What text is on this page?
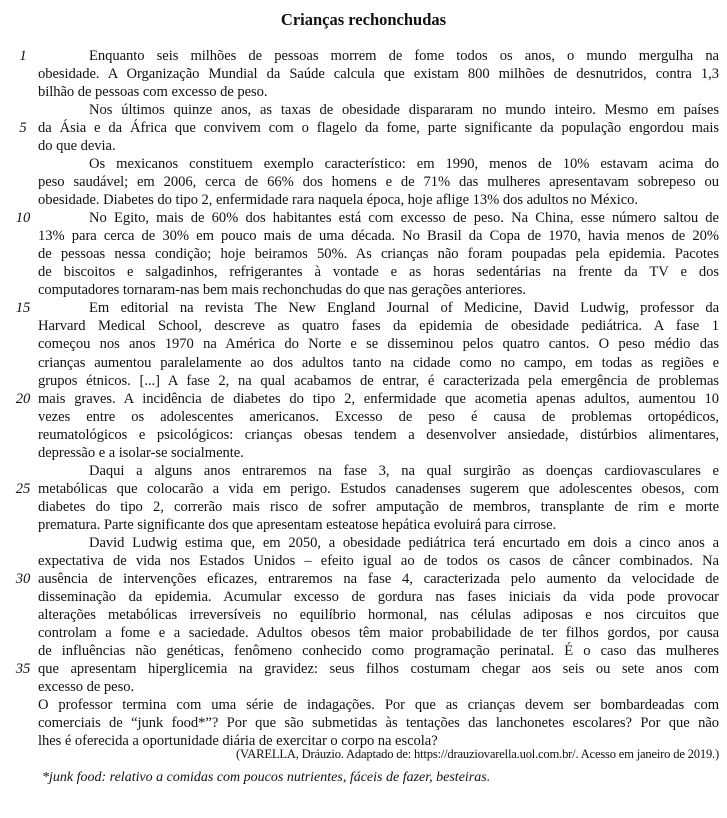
Crianças rechonchudas
Enquanto seis milhões de pessoas morrem de fome todos os anos, o mundo mergulha na
1
obesidade. A Organização Mundial da Saúde calcula que existam 800 milhões de desnutridos, contra 1,3
bilhão de pessoas com excesso de peso.
Nos últimos quinze anos, as taxas de obesidade dispararam no mundo inteiro. Mesmo em países
da Ásia e da África que convivem com o flagelo da fome, parte significante da população engordou mais
5
do que devia.
Os mexicanos constituem exemplo característico: em 1990, menos de 10% estavam acima do
peso saudável; em 2006, cerca de 66% dos homens e de 71% das mulheres apresentavam sobrepeso ou
obesidade. Diabetes do tipo 2, enfermidade rara naquela época, hoje aflige 13% dos adultos no México.
No Egito, mais de 60% dos habitantes está com excesso de peso. Na China, esse número saltou de
10
13% para cerca de 30% em pouco mais de uma década. No Brasil da Copa de 1970, havia menos de 20%
de pessoas nessa condição; hoje beiramos 50%. As crianças não foram poupadas pela epidemia. Pacotes
de biscoitos e salgadinhos, refrigerantes à vontade e as horas sedentárias na frente da TV e dos
computadores tornaram-nas bem mais rechonchudas do que nas gerações anteriores.
Em editorial na revista The New England Journal of Medicine, David Ludwig, professor da
15
Harvard Medical School, descreve as quatro fases da epidemia de obesidade pediátrica. A fase 1
começou nos anos 1970 na América do Norte e se disseminou pelos quatro cantos. O peso médio das
crianças aumentou paralelamente ao dos adultos tanto na cidade como no campo, em todas as regiões e
grupos étnicos. [...] A fase 2, na qual acabamos de entrar, é caracterizada pela emergência de problemas
mais graves. A incidência de diabetes do tipo 2, enfermidade que acometia apenas adultos, aumentou 10
20
vezes entre os adolescentes americanos. Excesso de peso é causa de problemas ortopédicos,
reumatológicos e psicológicos: crianças obesas tendem a desenvolver ansiedade, distúrbios alimentares,
depressão e a isolar-se socialmente.
Daqui a alguns anos entraremos na fase 3, na qual surgirão as doenças cardiovasculares e
metabólicas que colocarão a vida em perigo. Estudos canadenses sugerem que adolescentes obesos, com
25
diabetes do tipo 2, correrão mais risco de sofrer amputação de membros, transplante de rim e morte
prematura. Parte significante dos que apresentam esteatose hepática evoluirá para cirrose.
David Ludwig estima que, em 2050, a obesidade pediátrica terá encurtado em dois a cinco anos a
expectativa de vida nos Estados Unidos – efeito igual ao de todos os casos de câncer combinados. Na
ausência de intervenções eficazes, entraremos na fase 4, caracterizada pelo aumento da velocidade de
30
disseminação da epidemia. Acumular excesso de gordura nas fases iniciais da vida pode provocar
alterações metabólicas irreversíveis no equilíbrio hormonal, nas células adiposas e nos circuitos que
controlam a fome e a saciedade. Adultos obesos têm maior probabilidade de ter filhos gordos, por causa
de influências não genéticas, fenômeno conhecido como programação perinatal. É o caso das mulheres
que apresentam hiperglicemia na gravidez: seus filhos costumam chegar aos seis ou sete anos com
35
excesso de peso.
O professor termina com uma série de indagações. Por que as crianças devem ser bombardeadas com
comerciais de “junk food*”? Por que são submetidas às tentações das lanchonetes escolares? Por que não
lhes é oferecida a oportunidade diária de exercitar o corpo na escola?
(VARELLA, Dráuzio. Adaptado de: https://drauziovarella.uol.com.br/. Acesso em janeiro de 2019.)
*junk food: relativo a comidas com poucos nutrientes, fáceis de fazer, besteiras.
